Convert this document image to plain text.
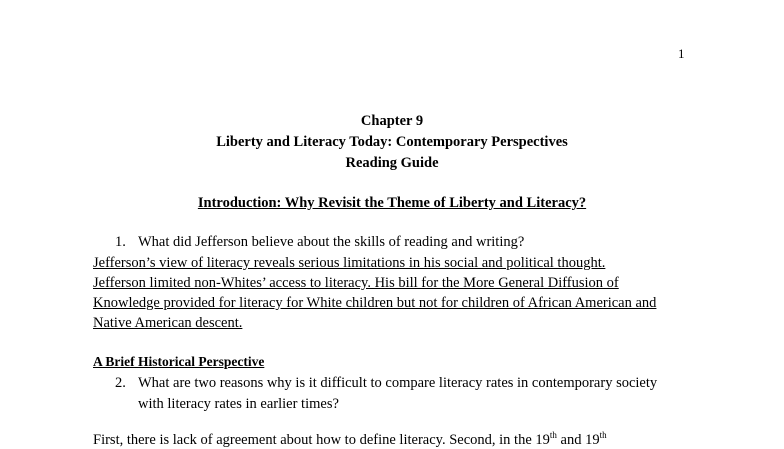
1
Chapter 9
Liberty and Literacy Today: Contemporary Perspectives
Reading Guide
Introduction: Why Revisit the Theme of Liberty and Literacy?
1. What did Jefferson believe about the skills of reading and writing?
Jefferson’s view of literacy reveals serious limitations in his social and political thought.
Jefferson limited non-Whites’ access to literacy. His bill for the More General Diffusion of
Knowledge provided for literacy for White children but not for children of African American and
Native American descent.
A Brief Historical Perspective
2. What are two reasons why is it difficult to compare literacy rates in contemporary society
with literacy rates in earlier times?
First, there is lack of agreement about how to define literacy. Second, in the 19th and 19th
